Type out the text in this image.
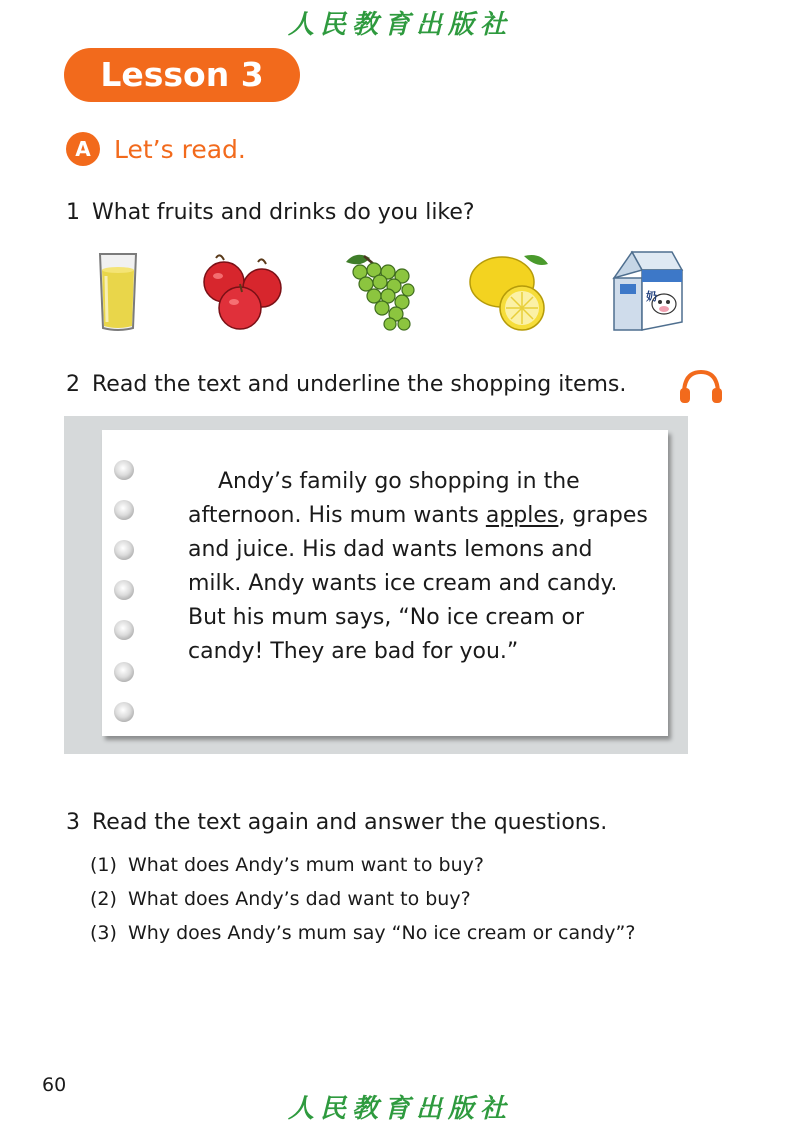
人民教育出版社
Lesson 3
A Let’s read.
1 What fruits and drinks do you like?
奶
2 Read the text and underline the shopping items.

Andy’s family go shopping in the afternoon. His mum wants apples, grapes and juice. His dad wants lemons and milk. Andy wants ice cream and candy. But his mum says, “No ice cream or candy! They are bad for you.”

3 Read the text again and answer the questions.
(1) What does Andy’s mum want to buy?
(2) What does Andy’s dad want to buy?
(3) Why does Andy’s mum say “No ice cream or candy”?
60
人民教育出版社
